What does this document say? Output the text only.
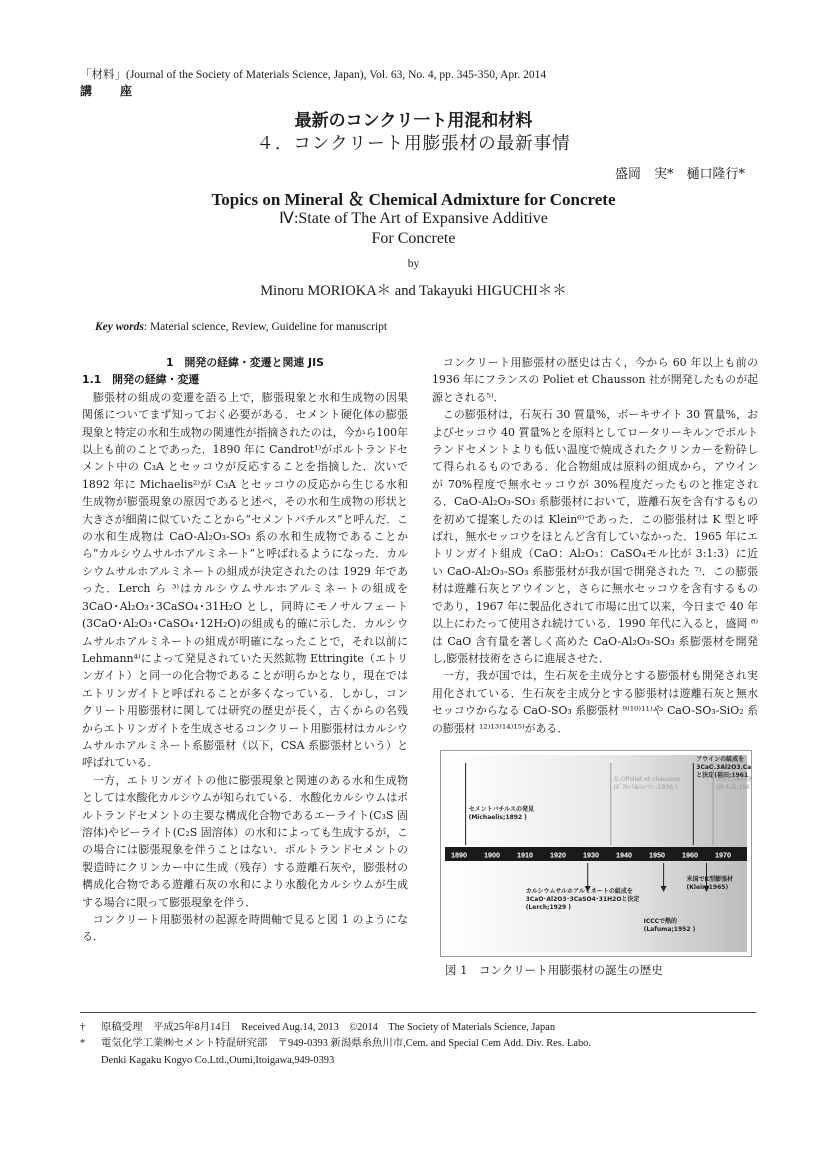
「材料」(Journal of the Society of Materials Science, Japan), Vol. 63, No. 4, pp. 345-350, Apr. 2014
講　座
最新のコンクリ一ト用混和材料
４．コンクリート用膨張材の最新事情
盛岡　実*　樋口隆行*
Topics on Mineral ＆ Chemical Admixture for Concrete
Ⅳ:State of The Art of Expansive Additive
For Concrete
by
Minoru MORIOKA＊ and Takayuki HIGUCHI＊＊
Key words: Material science, Review, Guideline for manuscript
1　開発の経緯・変遷と関連 JIS
1.1　開発の経緯・変遷

膨張材の組成の変遷を語る上で，膨張現象と水和生成物の因果関係についてまず知っておく必要がある．セメント硬化体の膨張現象と特定の水和生成物の関連性が指摘されたのは，今から100年以上も前のことであった．1890 年に Candrot¹⁾がポルトランドセメント中の C₃A とセッコウが反応することを指摘した．次いで 1892 年に Michaelis²⁾が C₃A とセッコウの反応から生じる水和生成物が膨張現象の原因であると述べ，その水和生成物の形状と大きさが細菌に似ていたことから“セメントバチルス”と呼んだ．この水和生成物は CaO-Al₂O₃-SO₃ 系の水和生成物であることから“カルシウムサルホアルミネート”と呼ばれるようになった．カルシウムサルホアルミネートの組成が決定されたのは 1929 年であった．Lerch ら ³⁾はカルシウムサルホアルミネートの組成を 3CaO･Al₂O₃･3CaSO₄･31H₂O とし，同時にモノサルフェート(3CaO･Al₂O₃･CaSO₄･12H₂O)の組成も的確に示した．カルシウムサルホアルミネートの組成が明確になったことで，それ以前に Lehmann⁴⁾によって発見されていた天然鉱物 Ettringite（エトリンガイト）と同一の化合物であることが明らかとなり，現在ではエトリンガイトと呼ばれることが多くなっている．しかし，コンクリート用膨張材に関しては研究の歴史が長く，古くからの名残からエトリンガイトを生成させるコンクリート用膨張材はカルシウムサルホアルミネート系膨張材（以下，CSA 系膨張材という）と呼ばれている．

一方，エトリンガイトの他に膨張現象と関連のある水和生成物としては水酸化カルシウムが知られている．水酸化カルシウムはポルトランドセメントの主要な構成化合物であるエーライト(C₃S 固溶体)やビーライト(C₂S 固溶体）の水和によっても生成するが，この場合には膨張現象を伴うことはない．ポルトランドセメントの製造時にクリンカー中に生成（残存）する遊離石灰や，膨張材の構成化合物である遊離石灰の水和により水酸化カルシウムが生成する場合に限って膨張現象を伴う．

コンクリート用膨張材の起源を時間軸で見ると図 1 のようになる．

コンクリート用膨張材の歴史は古く，今から 60 年以上も前の 1936 年にフランスの Poliet et Chausson 社が開発したものが起源とされる⁵⁾．

この膨張材は，石灰石 30 質量%，ボーキサイト 30 質量%，およびセッコウ 40 質量%とを原料としてロータリーキルンでポルトランドセメントよりも低い温度で焼成されたクリンカーを粉砕して得られるものである．化合物組成は原料の組成から，アウインが 70%程度で無水セッコウが 30%程度だったものと推定される．CaO-Al₂O₃-SO₃ 系膨張材において，遊離石灰を含有するものを初めて提案したのは Klein⁶⁾であった．この膨張材は K 型と呼ばれ，無水セッコウをほとんど含有していなかった．1965 年にエトリンガイト組成（CaO：Al₂O₃：CaSO₄モル比が 3:1:3）に近い CaO-Al₂O₃-SO₃ 系膨張材が我が国で開発された ⁷⁾．この膨張材は遊離石灰とアウインと，さらに無水セッコウを含有するものであり，1967 年に製品化されて市場に出て以来，今日まで 40 年以上にわたって使用され続けている．1990 年代に入ると，盛岡 ⁸⁾は CaO 含有量を著しく高めた CaO-Al₂O₃-SO₃ 系膨張材を開発し,膨張材技術をさらに進展させた．

一方，我が国では，生石灰を主成分とする膨張材も開発され実用化されている．生石灰を主成分とする膨張材は遊離石灰と無水セッコウからなる CaO-SO₃ 系膨張材 ⁹⁾¹⁰⁾¹¹⁾や CaO-SO₃-SiO₂ 系の膨張材 ¹²⁾¹³⁾¹⁴⁾¹⁵⁾がある．

1890 1900 1910 1920 1930 1940 1950 1960 1970
セメントバチルスの発見
(Michaelis;1892 )
仏のPoliet et chausson
(ﾎﾟﾘｴｯﾄ&ｼｮｰｿﾝ ;1936 )
アウインの組成を
3CaO.3Al2O3.Ca
と決定(福田;1961 )
国産CSAの誕
(鈴木森;1967
カルシウムサルホアルミネートの組成を
3CaO･Al2O3･3CaSO4･31H2Oと決定
(Lerch;1929 )
ICCCで熱的
(Lafuma;1952 )
米国でK型膨張材
(Klein;1965)
図 1　コンクリート用膨張材の誕生の歴史
† 原稿受理　平成25年8月14日　Received Aug.14, 2013　©2014　The Society of Materials Science, Japan
* 電気化学工業㈱セメント特混研究部　〒949-0393 新潟県糸魚川市,Cem. and Special Cem Add. Div. Res. Labo.
Denki Kagaku Kogyo Co.Ltd.,Oumi,Itoigawa,949-0393
